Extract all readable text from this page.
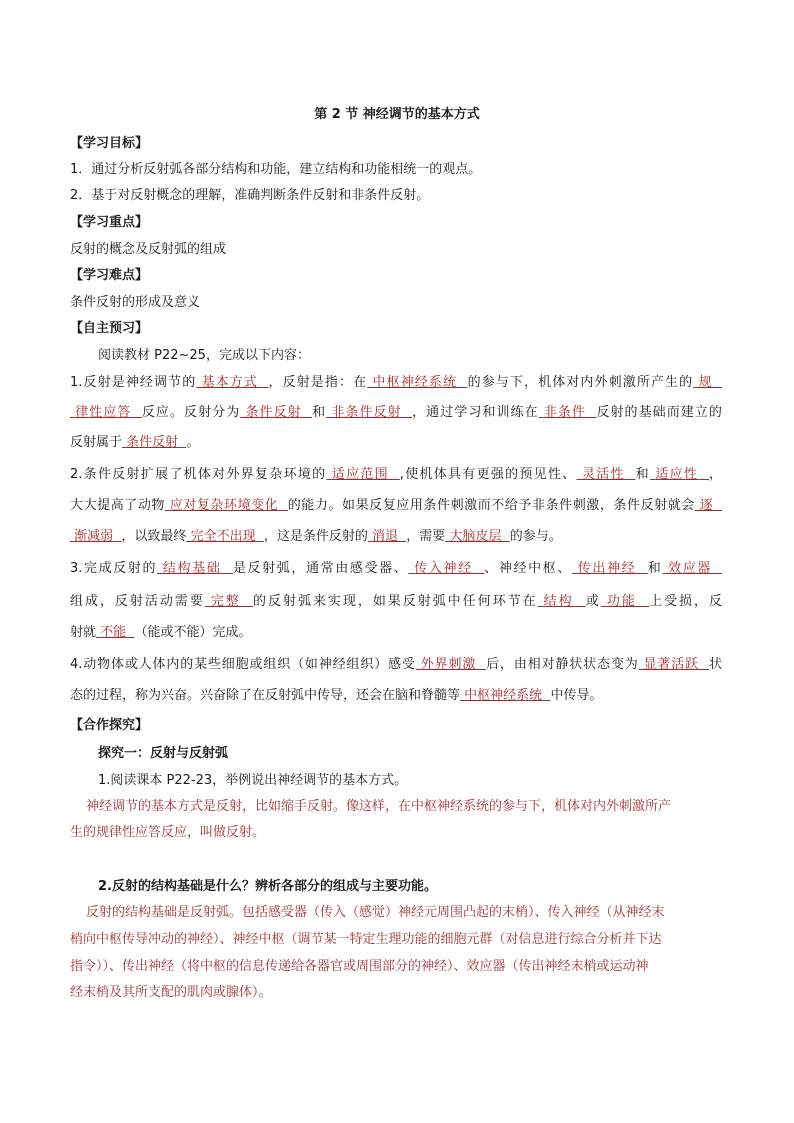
第 2 节 神经调节的基本方式
【学习目标】
1．通过分析反射弧各部分结构和功能，建立结构和功能相统一的观点。
2．基于对反射概念的理解，准确判断条件反射和非条件反射。
【学习重点】
反射的概念及反射弧的组成
【学习难点】
条件反射的形成及意义
【自主预习】
阅读教材 P22~25，完成以下内容：
1.反射是神经调节的 基本方式 ，反射是指：在 中枢神经系统 的参与下，机体对内外刺激所产生的 规
律性应答 反应。反射分为 条件反射 和 非条件反射 ，通过学习和训练在 非条件 反射的基础而建立的
反射属于 条件反射 。
2.条件反射扩展了机体对外界复杂环境的 适应范围 ,使机体具有更强的预见性、 灵活性 和 适应性 ，
大大提高了动物 应对复杂环境变化 的能力。如果反复应用条件刺激而不给予非条件刺激，条件反射就会 逐
渐减弱 ，以致最终 完全不出现 ，这是条件反射的 消退 ，需要 大脑皮层 的参与。
3.完成反射的 结构基础 是反射弧，通常由感受器、 传入神经 、神经中枢、 传出神经 和 效应器
组成，反射活动需要 完整 的反射弧来实现，如果反射弧中任何环节在 结构 或 功能 上受损，反
射就 不能 （能或不能）完成。
4.动物体或人体内的某些细胞或组织（如神经组织）感受 外界刺激 后，由相对静状状态变为 显著活跃 状
态的过程，称为兴奋。兴奋除了在反射弧中传导，还会在脑和脊髓等 中枢神经系统 中传导。
【合作探究】
探究一：反射与反射弧
1.阅读课本 P22-23，举例说出神经调节的基本方式。
神经调节的基本方式是反射，比如缩手反射。像这样，在中枢神经系统的参与下，机体对内外刺激所产
生的规律性应答反应，叫做反射。
2.反射的结构基础是什么？辨析各部分的组成与主要功能。
反射的结构基础是反射弧。包括感受器（传入（感觉）神经元周围凸起的末梢）、传入神经（从神经末
梢向中枢传导冲动的神经）、神经中枢（调节某一特定生理功能的细胞元群（对信息进行综合分析并下达
指令））、传出神经（将中枢的信息传递给各器官或周围部分的神经）、效应器（传出神经末梢或运动神
经末梢及其所支配的肌肉或腺体）。
